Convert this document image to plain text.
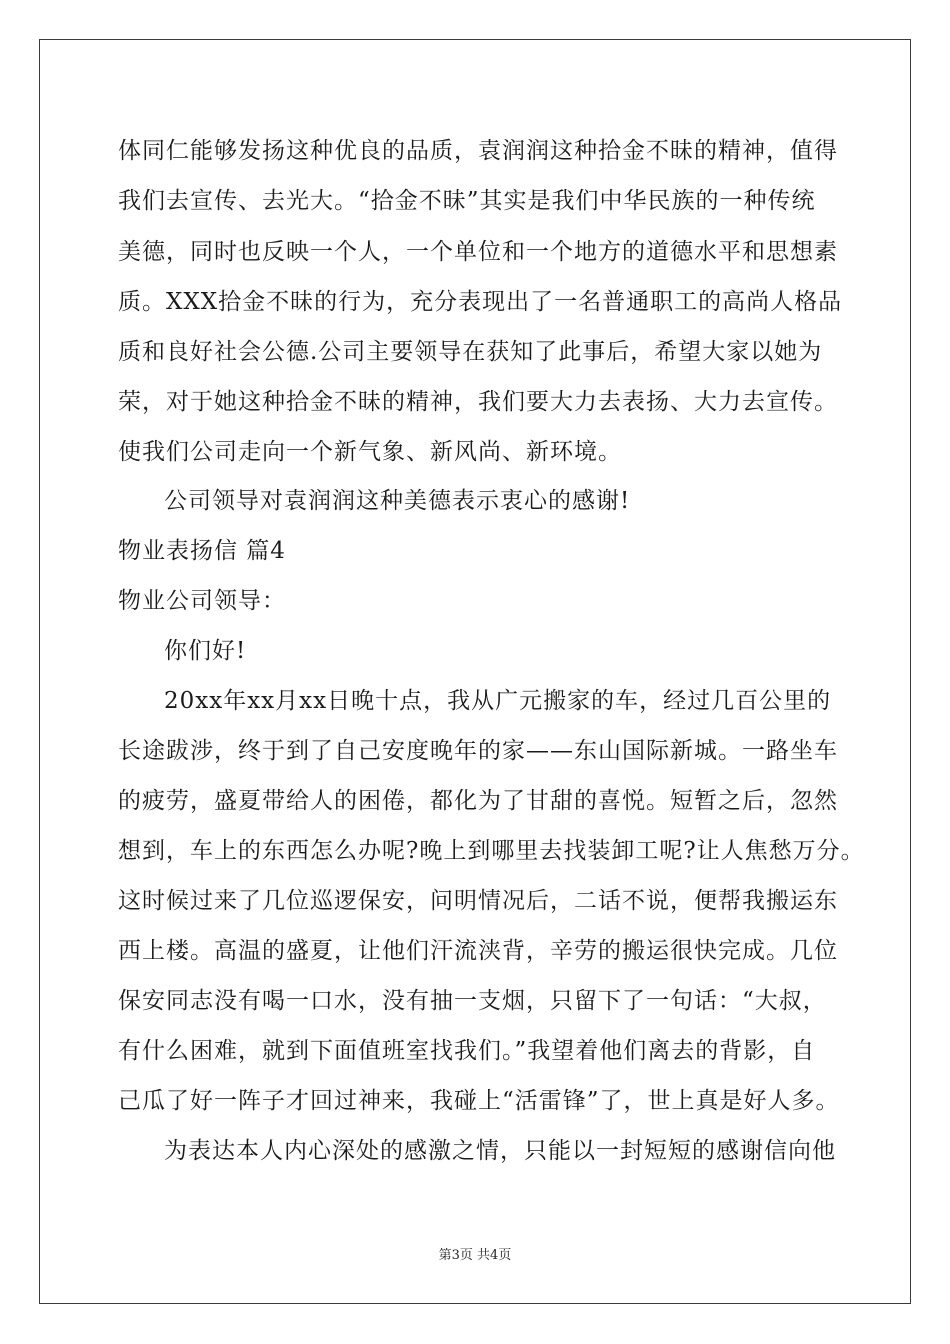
体同仁能够发扬这种优良的品质，袁润润这种拾金不昧的精神，值得
我们去宣传、去光大。“拾金不昧”其实是我们中华民族的一种传统
美德，同时也反映一个人，一个单位和一个地方的道德水平和思想素
质。XXX拾金不昧的行为，充分表现出了一名普通职工的高尚人格品
质和良好社会公德.公司主要领导在获知了此事后，希望大家以她为
荣，对于她这种拾金不昧的精神，我们要大力去表扬、大力去宣传。
使我们公司走向一个新气象、新风尚、新环境。
公司领导对袁润润这种美德表示衷心的感谢!
物业表扬信 篇4
物业公司领导：
你们好!
20xx年xx月xx日晚十点，我从广元搬家的车，经过几百公里的
长途跋涉，终于到了自己安度晚年的家——东山国际新城。一路坐车
的疲劳，盛夏带给人的困倦，都化为了甘甜的喜悦。短暂之后，忽然
想到，车上的东西怎么办呢?晚上到哪里去找装卸工呢?让人焦愁万分。
这时候过来了几位巡逻保安，问明情况后，二话不说，便帮我搬运东
西上楼。高温的盛夏，让他们汗流浃背，辛劳的搬运很快完成。几位
保安同志没有喝一口水，没有抽一支烟，只留下了一句话：“大叔，
有什么困难，就到下面值班室找我们。”我望着他们离去的背影，自
己瓜了好一阵子才回过神来，我碰上“活雷锋”了，世上真是好人多。
为表达本人内心深处的感激之情，只能以一封短短的感谢信向他
第3页 共4页
